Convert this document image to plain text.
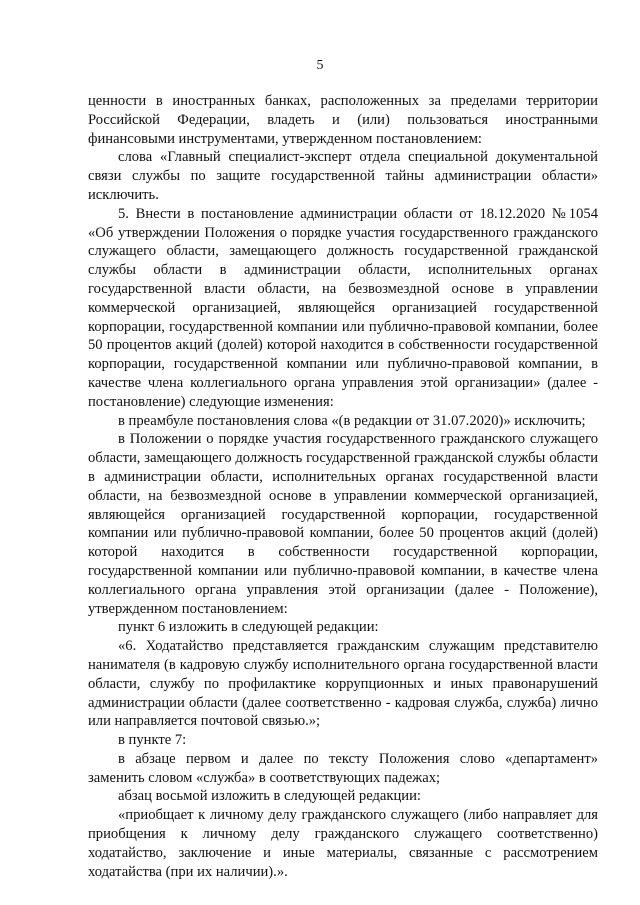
5

ценности в иностранных банках, расположенных за пределами территории Российской Федерации, владеть и (или) пользоваться иностранными финансовыми инструментами, утвержденном постановлением:

слова «Главный специалист-эксперт отдела специальной документальной связи службы по защите государственной тайны администрации области» исключить.

5. Внести в постановление администрации области от 18.12.2020 №1054 «Об утверждении Положения о порядке участия государственного гражданского служащего области, замещающего должность государственной гражданской службы области в администрации области, исполнительных органах государственной власти области, на безвозмездной основе в управлении коммерческой организацией, являющейся организацией государственной корпорации, государственной компании или публично-правовой компании, более 50 процентов акций (долей) которой находится в собственности государственной корпорации, государственной компании или публично-правовой компании, в качестве члена коллегиального органа управления этой организации» (далее - постановление) следующие изменения:

в преамбуле постановления слова «(в редакции от 31.07.2020)» исключить;

в Положении о порядке участия государственного гражданского служащего области, замещающего должность государственной гражданской службы области в администрации области, исполнительных органах государственной власти области, на безвозмездной основе в управлении коммерческой организацией, являющейся организацией государственной корпорации, государственной компании или публично-правовой компании, более 50 процентов акций (долей) которой находится в собственности государственной корпорации, государственной компании или публично-правовой компании, в качестве члена коллегиального органа управления этой организации (далее - Положение), утвержденном постановлением:

пункт 6 изложить в следующей редакции:

«6. Ходатайство представляется гражданским служащим представителю нанимателя (в кадровую службу исполнительного органа государственной власти области, службу по профилактике коррупционных и иных правонарушений администрации области (далее соответственно - кадровая служба, служба) лично или направляется почтовой связью.»;

в пункте 7:

в абзаце первом и далее по тексту Положения слово «департамент» заменить словом «служба» в соответствующих падежах;

абзац восьмой изложить в следующей редакции:

«приобщает к личному делу гражданского служащего (либо направляет для приобщения к личному делу гражданского служащего соответственно) ходатайство, заключение и иные материалы, связанные с рассмотрением ходатайства (при их наличии).».
